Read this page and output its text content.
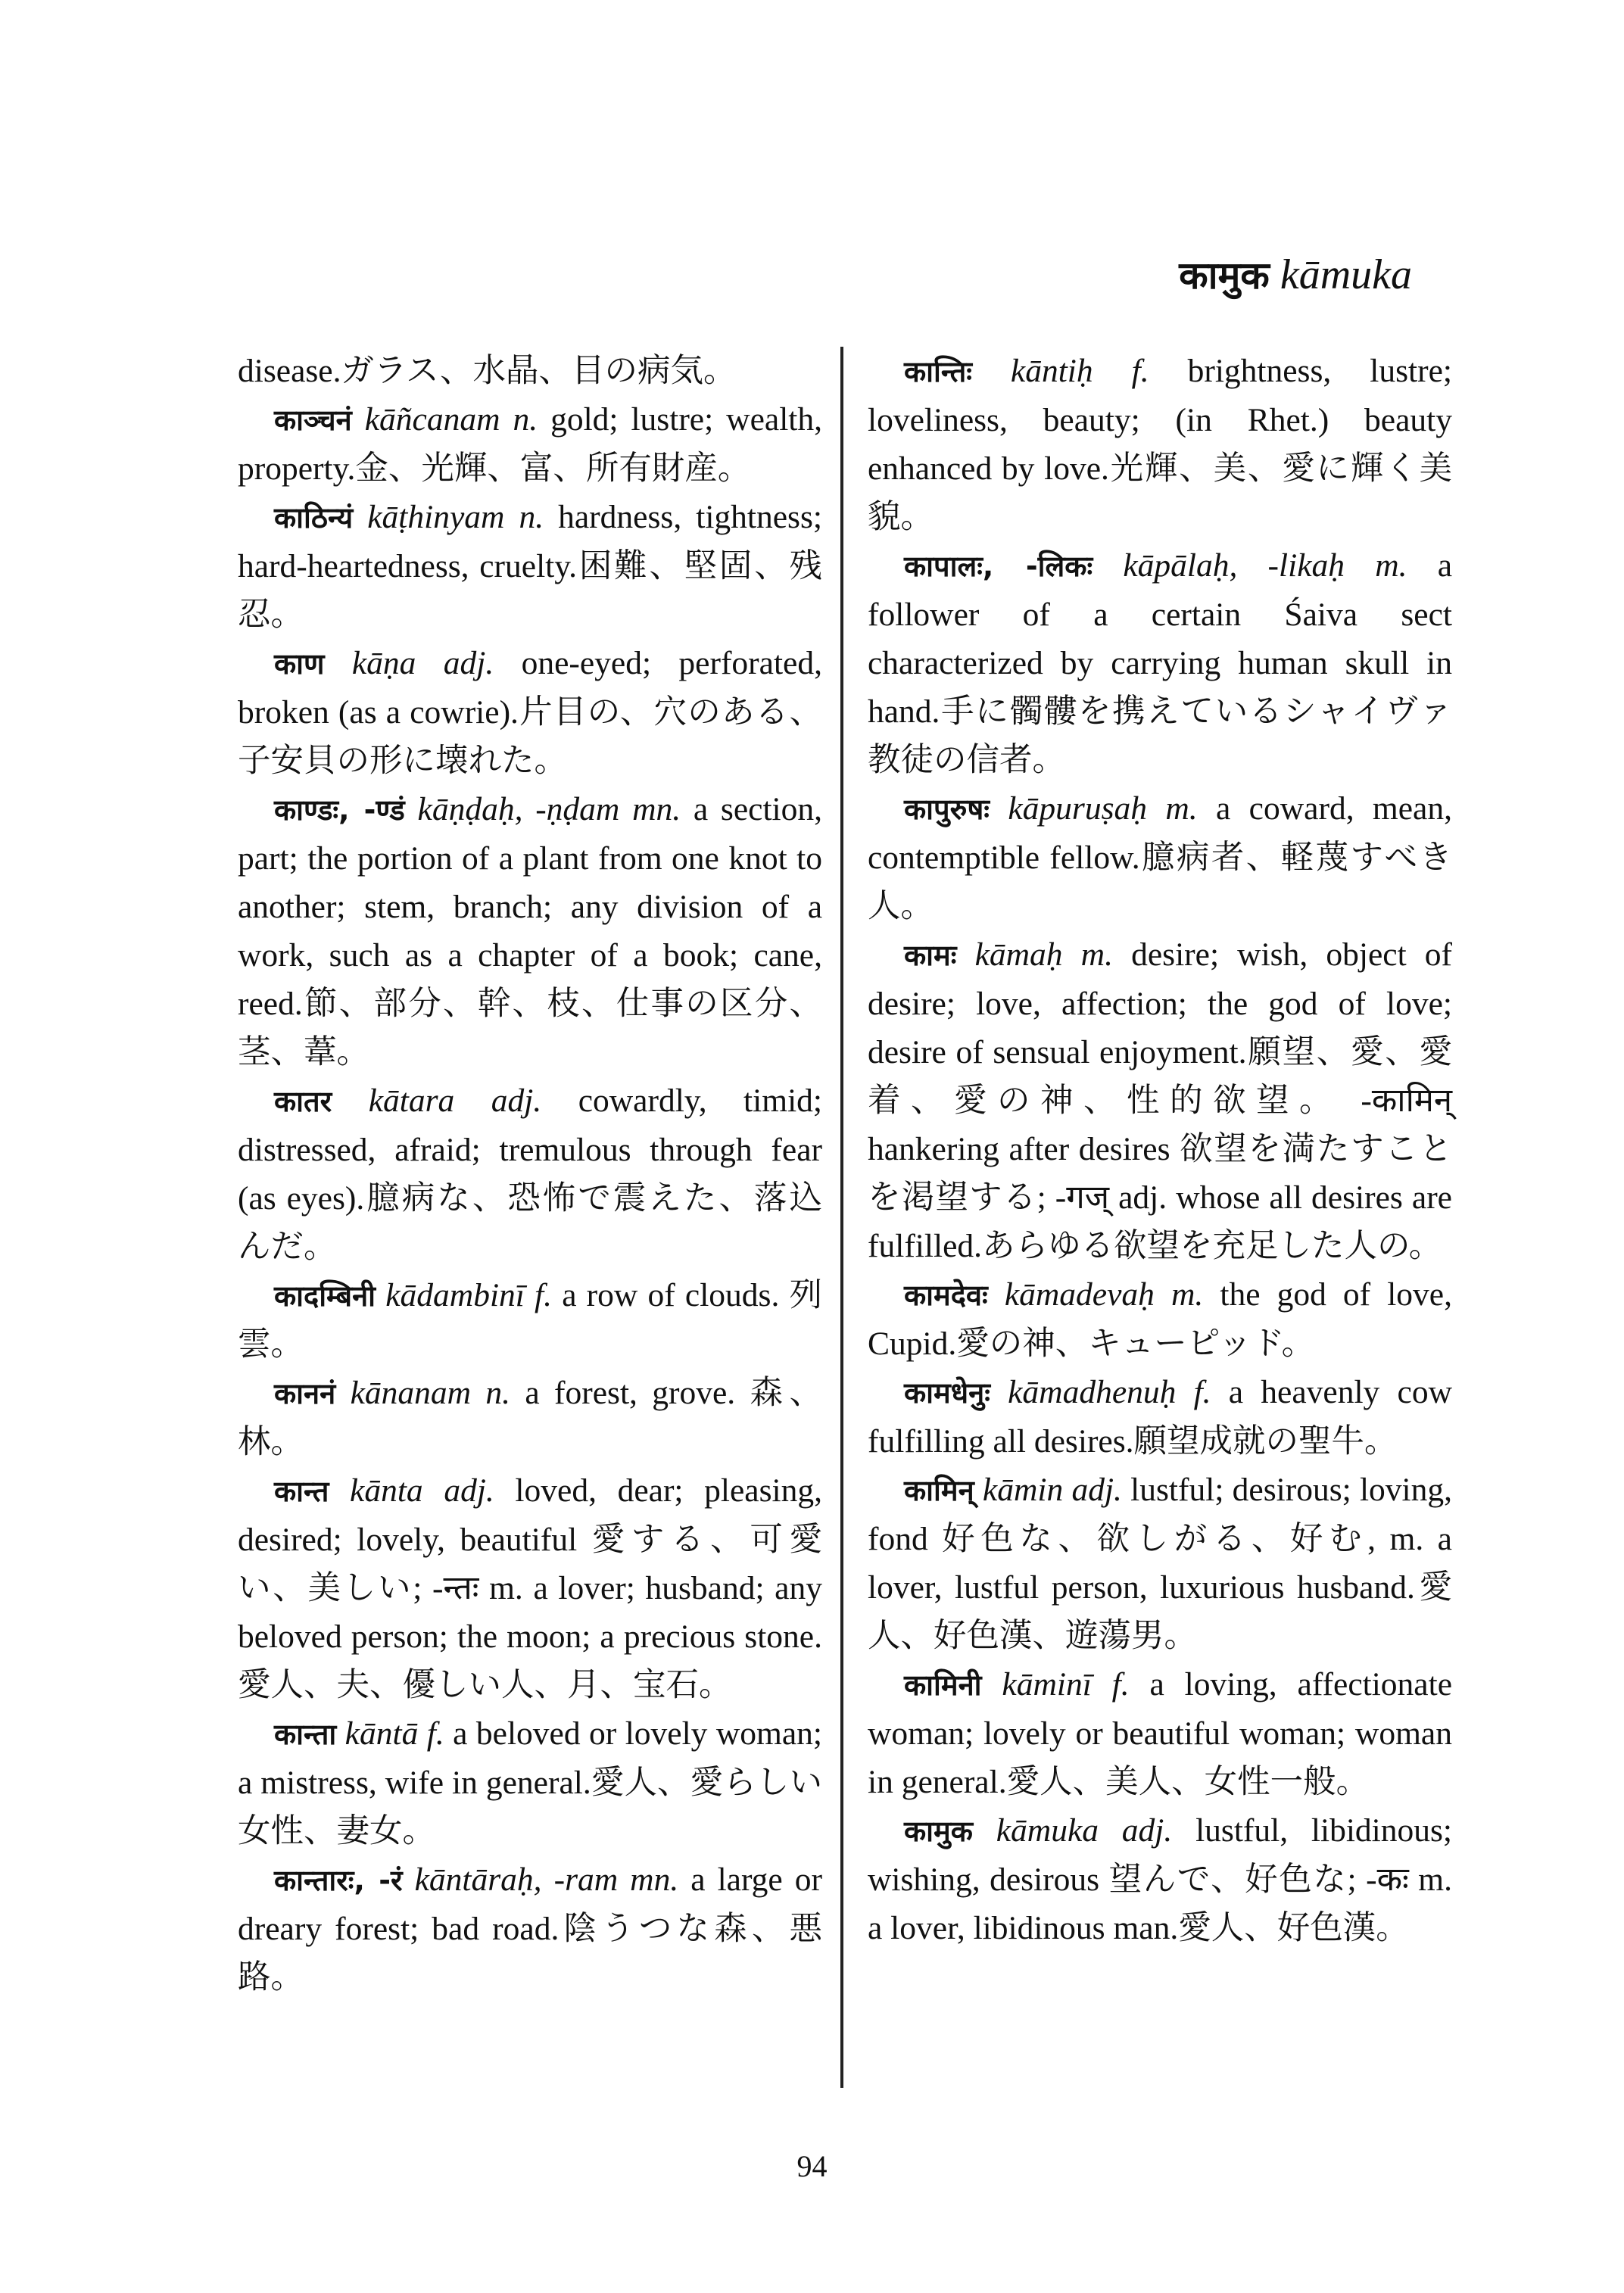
कामुक kāmuka

disease.ガラス、水晶、目の病気。

काञ्चनं kāñcanam n. gold; lustre; wealth, property.金、光輝、富、所有財産。

काठिन्यं kāṭhinyam n. hardness, tightness; hard-heartedness, cruelty.困難、堅固、残忍。

काण kāṇa adj. one-eyed; perforated, broken (as a cowrie).片目の、穴のある、子安貝の形に壊れた。

काण्डः, -ण्डं kāṇḍaḥ, -ṇḍam mn. a section, part; the portion of a plant from one knot to another; stem, branch; any division of a work, such as a chapter of a book; cane, reed.節、部分、幹、枝、仕事の区分、茎、葦。

कातर kātara adj. cowardly, timid; distressed, afraid; tremulous through fear (as eyes).臆病な、恐怖で震えた、落込んだ。

कादम्बिनी kādambinī f. a row of clouds. 列雲。

काननं kānanam n. a forest, grove. 森、林。

कान्त kānta adj. loved, dear; pleasing, desired; lovely, beautiful 愛する、可愛い、美しい; -न्तः m. a lover; husband; any beloved person; the moon; a precious stone.愛人、夫、優しい人、月、宝石。

कान्ता kāntā f. a beloved or lovely woman; a mistress, wife in general.愛人、愛らしい女性、妻女。

कान्तारः, -रं kāntāraḥ, -ram mn. a large or dreary forest; bad road.陰うつな森、悪路。

कान्तिः kāntiḥ f. brightness, lustre; loveliness, beauty; (in Rhet.) beauty enhanced by love.光輝、美、愛に輝く美貌。

कापालः, -लिकः kāpālaḥ, -likaḥ m. a follower of a certain Śaiva sect characterized by carrying human skull in hand.手に髑髏を携えているシャイヴァ教徒の信者。

कापुरुषः kāpuruṣaḥ m. a coward, mean, contemptible fellow.臆病者、軽蔑すべき人。

कामः kāmaḥ m. desire; wish, object of desire; love, affection; the god of love; desire of sensual enjoyment.願望、愛、愛着、愛の神、性的欲望。 -कामिन् hankering after desires 欲望を満たすことを渇望する; -गज् adj. whose all desires are fulfilled.あらゆる欲望を充足した人の。

कामदेवः kāmadevaḥ m. the god of love, Cupid.愛の神、キューピッド。

कामधेनुः kāmadhenuḥ f. a heavenly cow fulfilling all desires.願望成就の聖牛。

कामिन् kāmin adj. lustful; desirous; loving, fond 好色な、欲しがる、好む, m. a lover, lustful person, luxurious husband.愛人、好色漢、遊蕩男。

कामिनी kāminī f. a loving, affectionate woman; lovely or beautiful woman; woman in general.愛人、美人、女性一般。

कामुक kāmuka adj. lustful, libidinous; wishing, desirous 望んで、好色な; -कः m. a lover, libidinous man.愛人、好色漢。

94
